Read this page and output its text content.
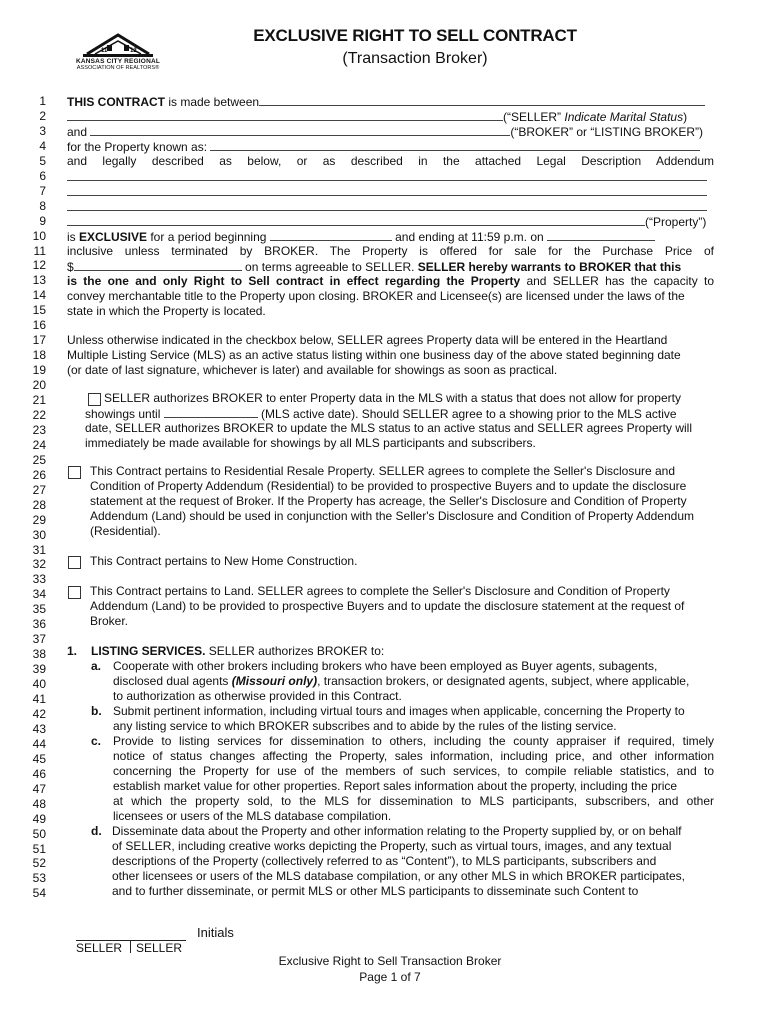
11	12
KANSAS CITY REGIONAL
ASSOCIATION OF REALTORS®
EXCLUSIVE RIGHT TO SELL CONTRACT
(Transaction Broker)
1
2
3
4
5
6
7
8
9
10
11
12
13
14
15
16
17
18
19
20
21
22
23
24
25
26
27
28
29
30
31
32
33
34
35
36
37
38
39
40
41
42
43
44
45
46
47
48
49
50
51
52
53
54
THIS CONTRACT is made between
(“SELLER” Indicate Marital Status)
and	(“BROKER” or “LISTING BROKER”)
for the Property known as:
and legally described as below, or as described in the attached Legal Description Addendum
(“Property”)
is EXCLUSIVE for a period beginning	and ending at 11:59 p.m. on
inclusive unless terminated by BROKER. The Property is offered for sale for the Purchase Price of
$	on terms agreeable to SELLER. SELLER hereby warrants to BROKER that this
is the one and only Right to Sell contract in effect regarding the Property and SELLER has the capacity to
convey merchantable title to the Property upon closing. BROKER and Licensee(s) are licensed under the laws of the
state in which the Property is located.
Unless otherwise indicated in the checkbox below, SELLER agrees Property data will be entered in the Heartland
Multiple Listing Service (MLS) as an active status listing within one business day of the above stated beginning date
(or date of last signature, whichever is later) and available for showings as soon as practical.
SELLER authorizes BROKER to enter Property data in the MLS with a status that does not allow for property
showings until	(MLS active date). Should SELLER agree to a showing prior to the MLS active
date, SELLER authorizes BROKER to update the MLS status to an active status and SELLER agrees Property will
immediately be made available for showings by all MLS participants and subscribers.
This Contract pertains to Residential Resale Property. SELLER agrees to complete the Seller's Disclosure and
Condition of Property Addendum (Residential) to be provided to prospective Buyers and to update the disclosure
statement at the request of Broker. If the Property has acreage, the Seller's Disclosure and Condition of Property
Addendum (Land) should be used in conjunction with the Seller's Disclosure and Condition of Property Addendum
(Residential).
This Contract pertains to New Home Construction.
This Contract pertains to Land. SELLER agrees to complete the Seller's Disclosure and Condition of Property
Addendum (Land) to be provided to prospective Buyers and to update the disclosure statement at the request of
Broker.
1. LISTING SERVICES. SELLER authorizes BROKER to:
a. Cooperate with other brokers including brokers who have been employed as Buyer agents, subagents,
disclosed dual agents (Missouri only), transaction brokers, or designated agents, subject, where applicable,
to authorization as otherwise provided in this Contract.
b. Submit pertinent information, including virtual tours and images when applicable, concerning the Property to
any listing service to which BROKER subscribes and to abide by the rules of the listing service.
c. Provide to listing services for dissemination to others, including the county appraiser if required, timely
notice of status changes affecting the Property, sales information, including price, and other information
concerning the Property for use of the members of such services, to compile reliable statistics, and to
establish market value for other properties. Report sales information about the property, including the price
at which the property sold, to the MLS for dissemination to MLS participants, subscribers, and other
licensees or users of the MLS database compilation.
d. Disseminate data about the Property and other information relating to the Property supplied by, or on behalf
of SELLER, including creative works depicting the Property, such as virtual tours, images, and any textual
descriptions of the Property (collectively referred to as “Content”), to MLS participants, subscribers and
other licensees or users of the MLS database compilation, or any other MLS in which BROKER participates,
and to further disseminate, or permit MLS or other MLS participants to disseminate such Content to
Initials
SELLER SELLER
Exclusive Right to Sell Transaction Broker
Page 1 of 7
